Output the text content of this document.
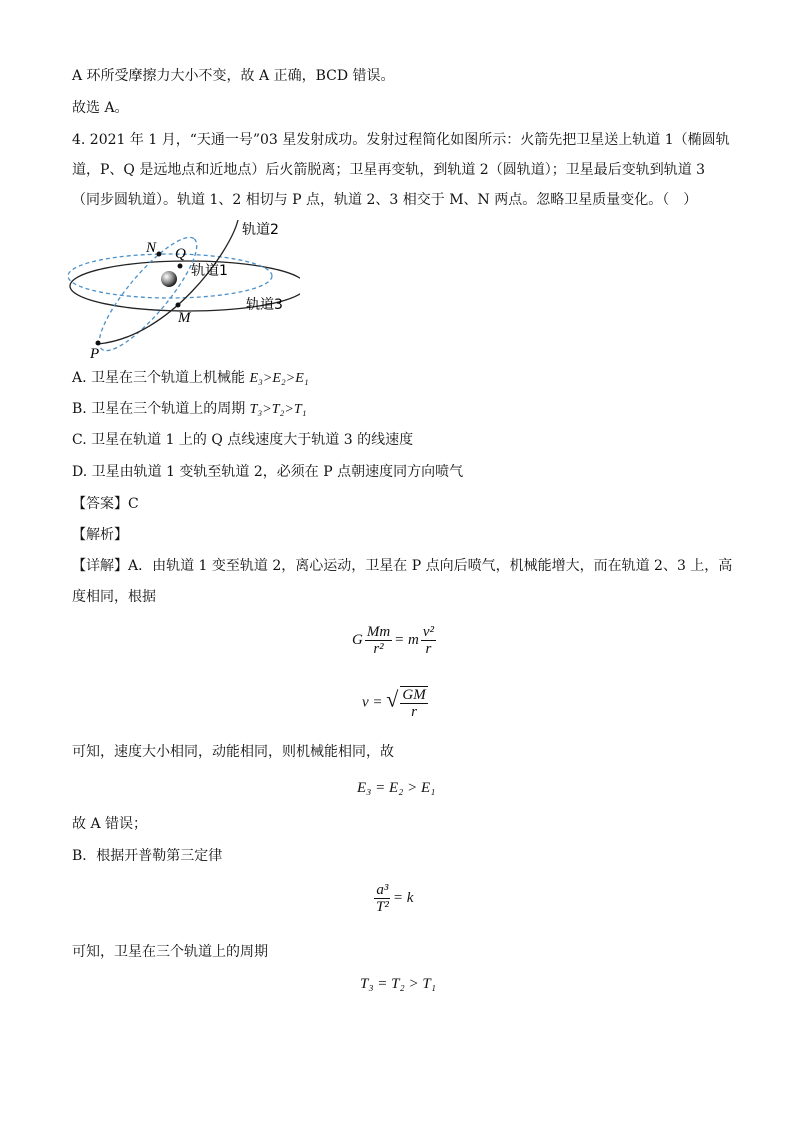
A 环所受摩擦力大小不变，故 A 正确，BCD 错误。
故选 A。
4. 2021 年 1 月，“天通一号”03 星发射成功。发射过程简化如图所示：火箭先把卫星送上轨道 1（椭圆轨
道，P、Q 是远地点和近地点）后火箭脱离；卫星再变轨，到轨道 2（圆轨道）；卫星最后变轨到轨道 3
（同步圆轨道）。轨道 1、2 相切与 P 点，轨道 2、3 相交于 M、N 两点。忽略卫星质量变化。（　）
N Q
M
P
轨道1
轨道2
轨道3
A. 卫星在三个轨道上机械能 E₃>E₂>E₁
B. 卫星在三个轨道上的周期 T₃>T₂>T₁
C. 卫星在轨道 1 上的 Q 点线速度大于轨道 3 的线速度
D. 卫星由轨道 1 变轨至轨道 2，必须在 P 点朝速度同方向喷气
【答案】C
【解析】
【详解】A．由轨道 1 变至轨道 2，离心运动，卫星在 P 点向后喷气，机械能增大，而在轨道 2、3 上，高
度相同，根据
G $\frac{Mm}{\text{r²}} = m \frac{\text{v²}}{r}$
v = √ $\frac{GM}{r}$
可知，速度大小相同，动能相同，则机械能相同，故
E₃ = E₂ > E₁
故 A 错误；
B．根据开普勒第三定律
$\frac{\text{a³}}{\text{T²}} = k$
可知，卫星在三个轨道上的周期
T₃ = T₂ > T₁
